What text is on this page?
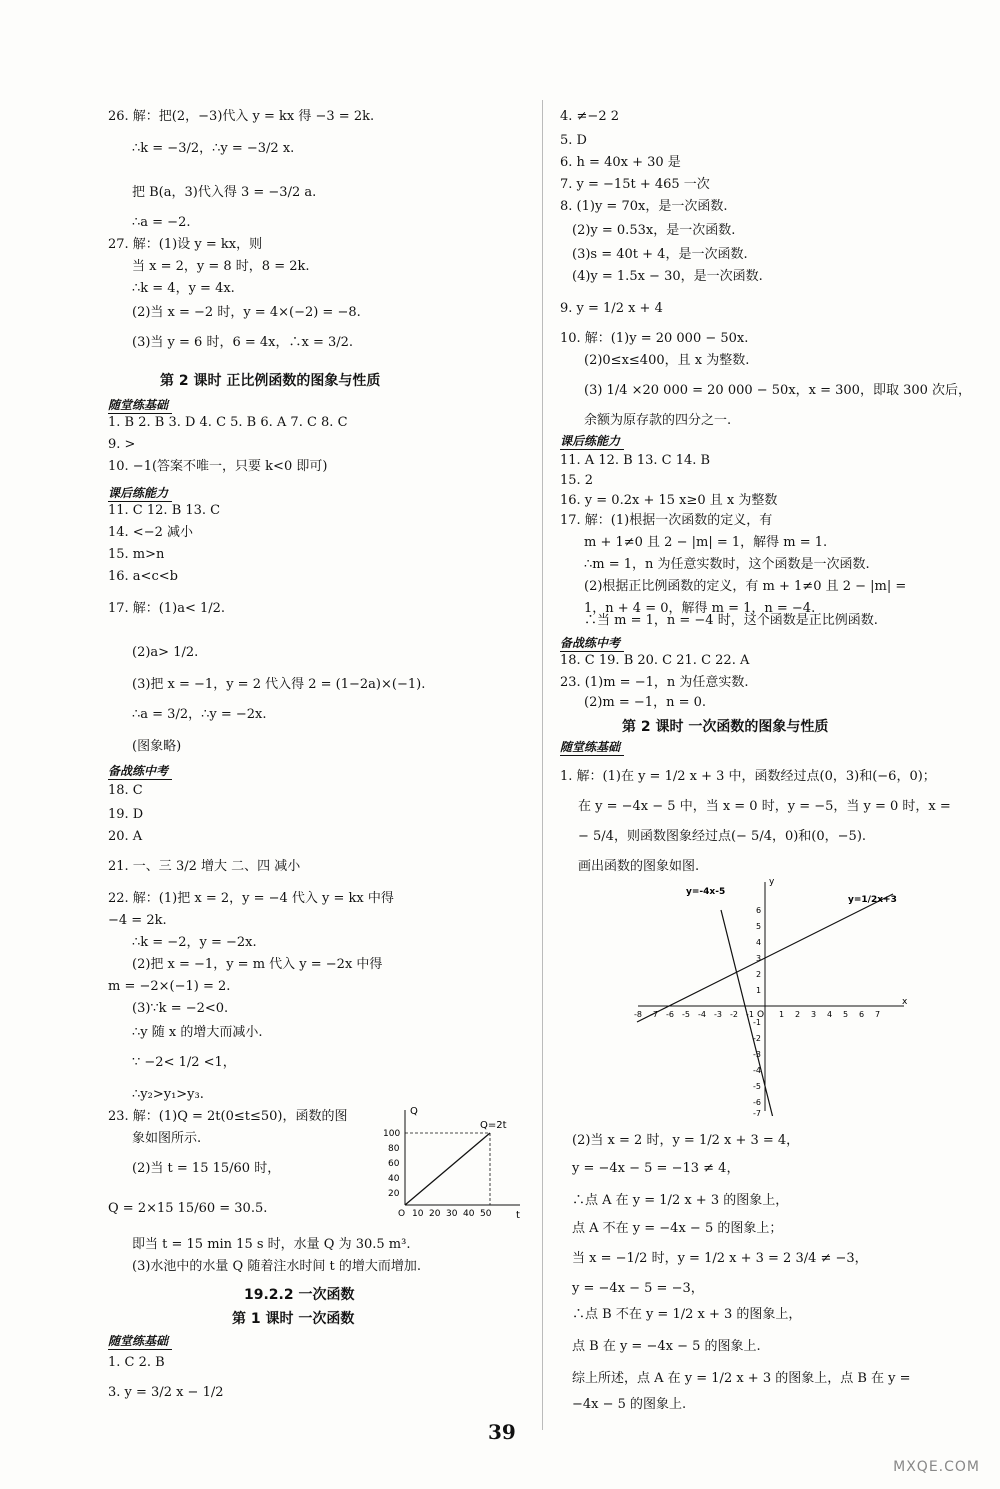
26. 解：把(2，−3)代入 y = kx 得 −3 = 2k.
∴k = −3/2，∴y = −3/2 x.
把 B(a，3)代入得 3 = −3/2 a.
∴a = −2.
27. 解：(1)设 y = kx，则
当 x = 2，y = 8 时，8 = 2k.
∴k = 4，y = 4x.
(2)当 x = −2 时，y = 4×(−2) = −8.
(3)当 y = 6 时，6 = 4x，∴x = 3/2.
第 2 课时 正比例函数的图象与性质
随堂练基础
1. B 2. B 3. D 4. C 5. B 6. A 7. C 8. C
9. >
10. −1(答案不唯一，只要 k<0 即可)
课后练能力
11. C 12. B 13. C
14. <−2 减小
15. m>n
16. a<c<b
17. 解：(1)a< 1/2.
(2)a> 1/2.
(3)把 x = −1，y = 2 代入得 2 = (1−2a)×(−1).
∴a = 3/2，∴y = −2x.
(图象略)
备战练中考
18. C
19. D
20. A
21. 一、三 3/2 增大 二、四 减小
22. 解：(1)把 x = 2，y = −4 代入 y = kx 中得
−4 = 2k.
∴k = −2，y = −2x.
(2)把 x = −1，y = m 代入 y = −2x 中得
m = −2×(−1) = 2.
(3)∵k = −2<0.
∴y 随 x 的增大而减小.
∵ −2< 1/2 <1，
∴y₂>y₁>y₃.
23. 解：(1)Q = 2t(0≤t≤50)，函数的图
象如图所示.
(2)当 t = 15 15/60 时，
Q = 2×15 15/60 = 30.5.
即当 t = 15 min 15 s 时，水量 Q 为 30.5 m³.
(3)水池中的水量 Q 随着注水时间 t 的增大而增加.
19.2.2 一次函数
第 1 课时 一次函数
随堂练基础
1. C 2. B
3. y = 3/2 x − 1/2
Q
t
Q=2t
100
80
60
40
20
O 10 20 30 40 50
4. ≠−2 2
5. D
6. h = 40x + 30 是
7. y = −15t + 465 一次
8. (1)y = 70x，是一次函数.
(2)y = 0.53x，是一次函数.
(3)s = 40t + 4，是一次函数.
(4)y = 1.5x − 30，是一次函数.
9. y = 1/2 x + 4
10. 解：(1)y = 20 000 − 50x.
(2)0≤x≤400，且 x 为整数.
(3) 1/4 ×20 000 = 20 000 − 50x，x = 300，即取 300 次后，
余额为原存款的四分之一.
课后练能力
11. A 12. B 13. C 14. B
15. 2
16. y = 0.2x + 15 x≥0 且 x 为整数
17. 解：(1)根据一次函数的定义，有
m + 1≠0 且 2 − |m| = 1，解得 m = 1.
∴m = 1，n 为任意实数时，这个函数是一次函数.
(2)根据正比例函数的定义，有 m + 1≠0 且 2 − |m| =
1，n + 4 = 0，解得 m = 1，n = −4.
∴当 m = 1，n = −4 时，这个函数是正比例函数.
备战练中考
18. C 19. B 20. C 21. C 22. A
23. (1)m = −1，n 为任意实数.
(2)m = −1，n = 0.
第 2 课时 一次函数的图象与性质
随堂练基础
1. 解：(1)在 y = 1/2 x + 3 中，函数经过点(0，3)和(−6，0)；
在 y = −4x − 5 中，当 x = 0 时，y = −5，当 y = 0 时，x =
− 5/4，则函数图象经过点(− 5/4，0)和(0，−5).
画出函数的图象如图.
(2)当 x = 2 时，y = 1/2 x + 3 = 4，
y = −4x − 5 = −13 ≠ 4，
∴点 A 在 y = 1/2 x + 3 的图象上，
点 A 不在 y = −4x − 5 的图象上；
当 x = −1/2 时，y = 1/2 x + 3 = 2 3/4 ≠ −3，
y = −4x − 5 = −3，
∴点 B 不在 y = 1/2 x + 3 的图象上，
点 B 在 y = −4x − 5 的图象上.
综上所述，点 A 在 y = 1/2 x + 3 的图象上，点 B 在 y =
−4x − 5 的图象上.
y=-4x-5
y=1/2x+3
y
x
O
-8 -7 -6 -5 -4 -3 -2 -1	1 2 3 4 5 6 7
6
5
4
3
2
1
-1
-2
-3
-4
-5
-6
-7
39
MXQE.COM
